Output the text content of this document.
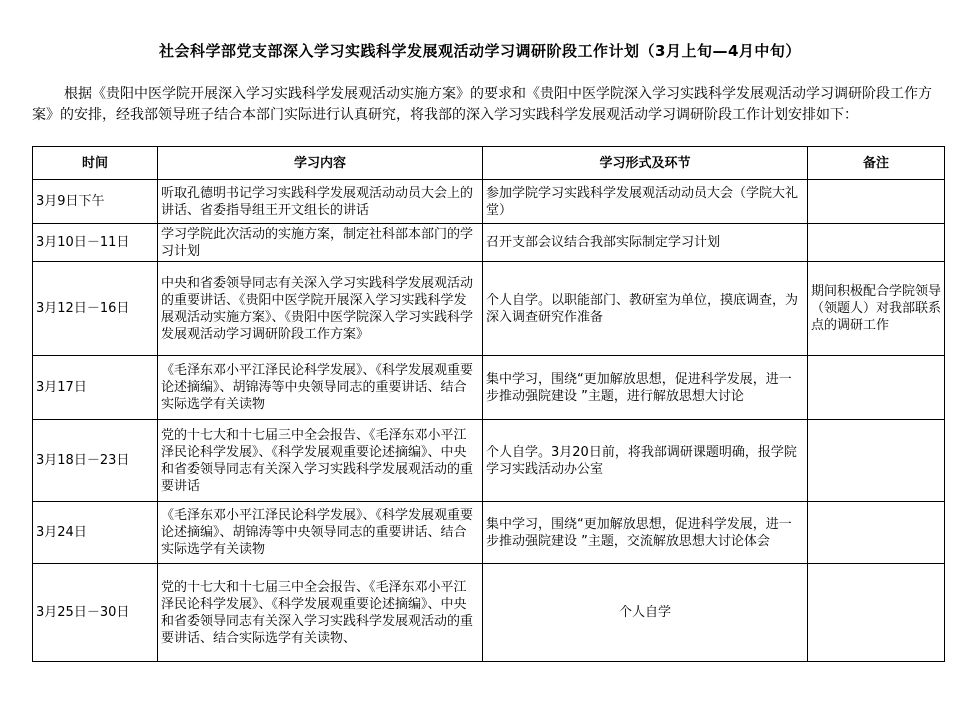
社会科学部党支部深入学习实践科学发展观活动学习调研阶段工作计划（3月上旬—4月中旬）

根据《贵阳中医学院开展深入学习实践科学发展观活动实施方案》的要求和《贵阳中医学院深入学习实践科学发展观活动学习调研阶段工作方案》的安排，经我部领导班子结合本部门实际进行认真研究，将我部的深入学习实践科学发展观活动学习调研阶段工作计划安排如下：

时间	学习内容	学习形式及环节	备注
3月9日下午	听取孔德明书记学习实践科学发展观活动动员大会上的讲话、省委指导组王开文组长的讲话	参加学院学习实践科学发展观活动动员大会（学院大礼堂）	
3月10日－11日	学习学院此次活动的实施方案，制定社科部本部门的学习计划	召开支部会议结合我部实际制定学习计划	
3月12日－16日	中央和省委领导同志有关深入学习实践科学发展观活动的重要讲话、《贵阳中医学院开展深入学习实践科学发展观活动实施方案》、《贵阳中医学院深入学习实践科学发展观活动学习调研阶段工作方案》	个人自学。以职能部门、教研室为单位，摸底调查，为深入调查研究作准备	期间积极配合学院领导（领题人）对我部联系点的调研工作
3月17日	《毛泽东邓小平江泽民论科学发展》、《科学发展观重要论述摘编》、胡锦涛等中央领导同志的重要讲话、结合实际选学有关读物	集中学习，围绕“更加解放思想，促进科学发展，进一步推动强院建设 ”主题，进行解放思想大讨论	
3月18日－23日	党的十七大和十七届三中全会报告、《毛泽东邓小平江泽民论科学发展》、《科学发展观重要论述摘编》、中央和省委领导同志有关深入学习实践科学发展观活动的重要讲话	个人自学。3月20日前，将我部调研课题明确，报学院学习实践活动办公室	
3月24日	《毛泽东邓小平江泽民论科学发展》、《科学发展观重要论述摘编》、胡锦涛等中央领导同志的重要讲话、结合实际选学有关读物	集中学习，围绕“更加解放思想，促进科学发展，进一步推动强院建设 ”主题，交流解放思想大讨论体会	
3月25日－30日	党的十七大和十七届三中全会报告、《毛泽东邓小平江泽民论科学发展》、《科学发展观重要论述摘编》、中央和省委领导同志有关深入学习实践科学发展观活动的重要讲话、结合实际选学有关读物、	个人自学	
